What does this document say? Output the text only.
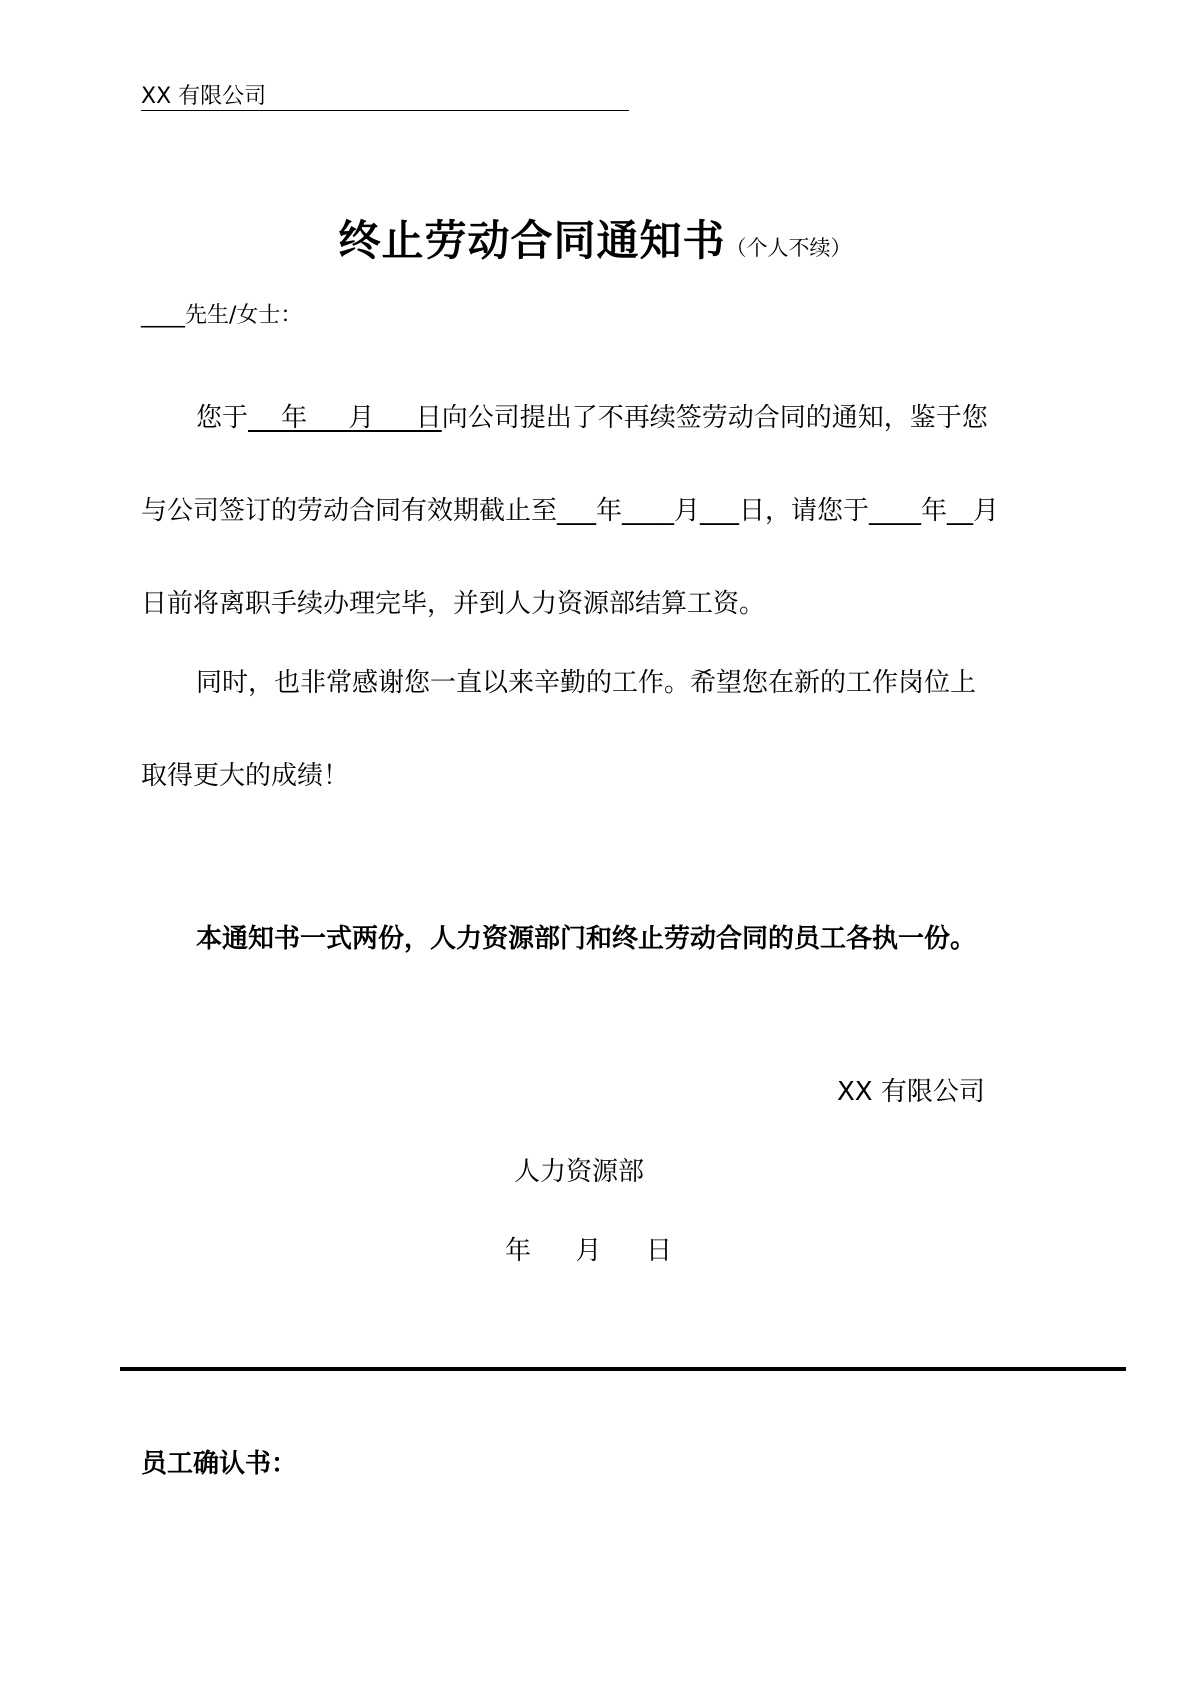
XX 有限公司
终止劳动合同通知书（个人不续）
____先生/女士：
您于    年     月     日向公司提出了不再续签劳动合同的通知，鉴于您
与公司签订的劳动合同有效期截止至___年____月___日，请您于____年__月
日前将离职手续办理完毕，并到人力资源部结算工资。
同时，也非常感谢您一直以来辛勤的工作。希望您在新的工作岗位上
取得更大的成绩！
本通知书一式两份，人力资源部门和终止劳动合同的员工各执一份。
XX 有限公司
人力资源部
年  月  日
员工确认书：
